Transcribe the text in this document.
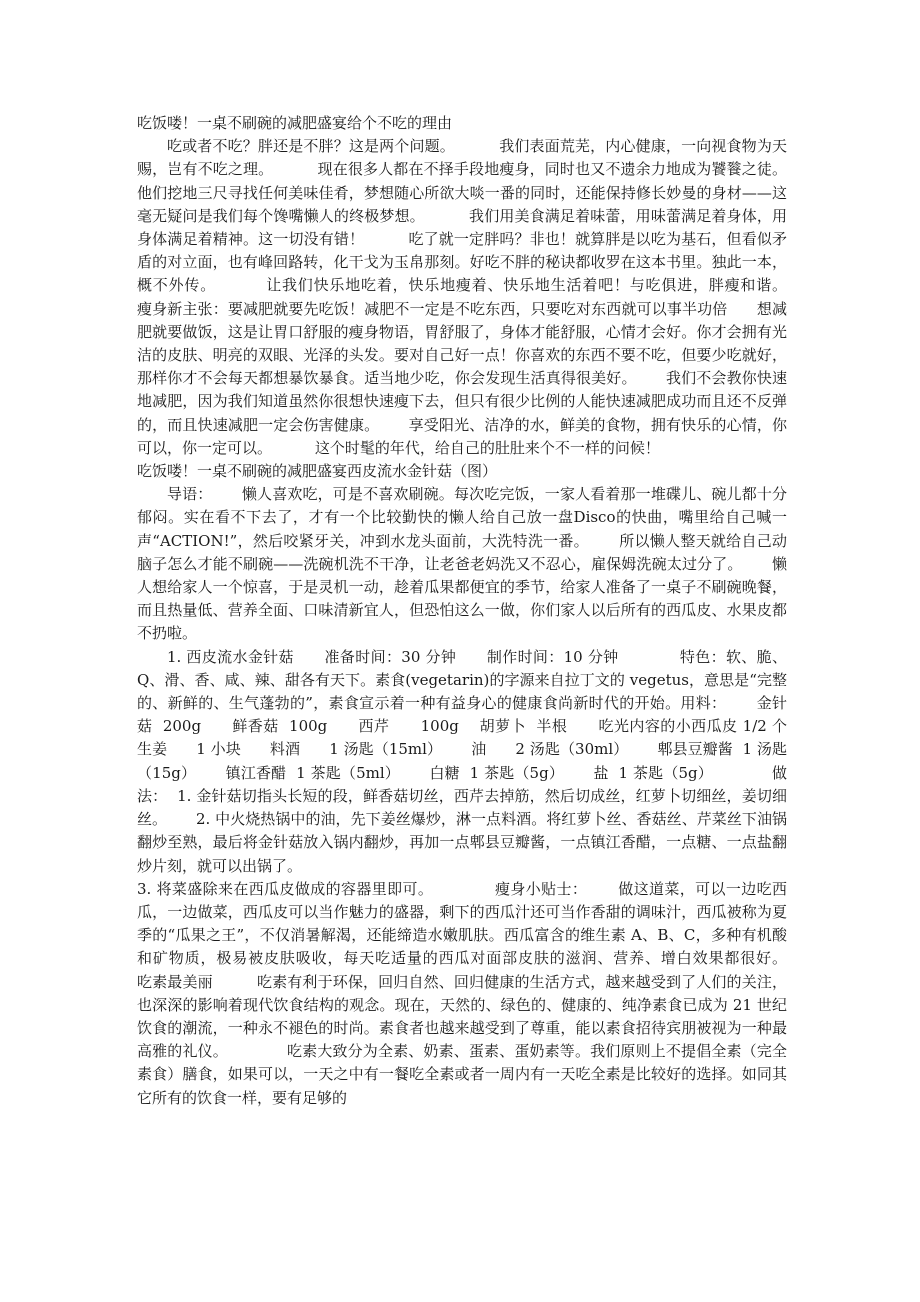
吃饭喽！一桌不刷碗的减肥盛宴给个不吃的理由

吃或者不吃？胖还是不胖？这是两个问题。         我们表面荒芜，内心健康，一向视食物为天赐，岂有不吃之理。         现在很多人都在不择手段地瘦身，同时也又不遗余力地成为饕餮之徒。他们挖地三尺寻找任何美味佳肴，梦想随心所欲大啖一番的同时，还能保持修长妙曼的身材——这毫无疑问是我们每个馋嘴懒人的终极梦想。         我们用美食满足着味蕾，用味蕾满足着身体，用身体满足着精神。这一切没有错！         吃了就一定胖吗？非也！就算胖是以吃为基石，但看似矛盾的对立面，也有峰回路转，化干戈为玉帛那刻。好吃不胖的秘诀都收罗在这本书里。独此一本，概不外传。         让我们快乐地吃着，快乐地瘦着、快乐地生活着吧！与吃俱进，胖瘦和谐。      瘦身新主张：要减肥就要先吃饭！减肥不一定是不吃东西，只要吃对东西就可以事半功倍      想减肥就要做饭，这是让胃口舒服的瘦身物语，胃舒服了，身体才能舒服，心情才会好。你才会拥有光洁的皮肤、明亮的双眼、光泽的头发。要对自己好一点！你喜欢的东西不要不吃，但要少吃就好，那样你才不会每天都想暴饮暴食。适当地少吃，你会发现生活真得很美好。      我们不会教你快速地减肥，因为我们知道虽然你很想快速瘦下去，但只有很少比例的人能快速减肥成功而且还不反弹的，而且快速减肥一定会伤害健康。      享受阳光、洁净的水，鲜美的食物，拥有快乐的心情，你可以，你一定可以。         这个时髦的年代，给自己的肚肚来个不一样的问候！

吃饭喽！一桌不刷碗的减肥盛宴西皮流水金针菇（图）

导语：      懒人喜欢吃，可是不喜欢刷碗。每次吃完饭，一家人看着那一堆碟儿、碗儿都十分郁闷。实在看不下去了，才有一个比较勤快的懒人给自己放一盘Disco的快曲，嘴里给自己喊一声“ACTION!”，然后咬紧牙关，冲到水龙头面前，大洗特洗一番。      所以懒人整天就给自己动脑子怎么才能不刷碗——洗碗机洗不干净，让老爸老妈洗又不忍心，雇保姆洗碗太过分了。      懒人想给家人一个惊喜，于是灵机一动，趁着瓜果都便宜的季节，给家人准备了一桌子不刷碗晚餐，而且热量低、营养全面、口味清新宜人，但恐怕这么一做，你们家人以后所有的西瓜皮、水果皮都不扔啦。

1. 西皮流水金针菇      准备时间：30 分钟      制作时间：10 分钟            特色：软、脆、Q、滑、香、咸、辣、甜各有天下。素食(vegetarin)的字源来自拉丁文的 vegetus，意思是“完整的、新鲜的、生气蓬勃的”，素食宣示着一种有益身心的健康食尚新时代的开始。用料：      金针菇  200g      鲜香菇  100g      西芹      100g    胡萝卜  半根      吃光内容的小西瓜皮 1/2 个      生姜      1 小块      料酒      1 汤匙（15ml）      油      2 汤匙（30ml）      郫县豆瓣酱  1 汤匙（15g）      镇江香醋  1 茶匙（5ml）      白糖  1 茶匙（5g）      盐  1 茶匙（5g）            做法：  1. 金针菇切指头长短的段，鲜香菇切丝，西芹去掉筋，然后切成丝，红萝卜切细丝，姜切细丝。      2. 中火烧热锅中的油，先下姜丝爆炒，淋一点料酒。将红萝卜丝、香菇丝、芹菜丝下油锅翻炒至熟，最后将金针菇放入锅内翻炒，再加一点郫县豆瓣酱，一点镇江香醋，一点糖、一点盐翻炒片刻，就可以出锅了。

3. 将菜盛除来在西瓜皮做成的容器里即可。            瘦身小贴士：      做这道菜，可以一边吃西瓜，一边做菜，西瓜皮可以当作魅力的盛器，剩下的西瓜汁还可当作香甜的调味汁，西瓜被称为夏季的“瓜果之王”，不仅消暑解渴，还能缔造水嫩肌肤。西瓜富含的维生素 A、B、C，多种有机酸和矿物质，极易被皮肤吸收，每天吃适量的西瓜对面部皮肤的滋润、营养、增白效果都很好。         吃素最美丽         吃素有利于环保，回归自然、回归健康的生活方式，越来越受到了人们的关注，也深深的影响着现代饮食结构的观念。现在，天然的、绿色的、健康的、纯净素食已成为 21 世纪饮食的潮流，一种永不褪色的时尚。素食者也越来越受到了尊重，能以素食招待宾朋被视为一种最高雅的礼仪。            吃素大致分为全素、奶素、蛋素、蛋奶素等。我们原则上不提倡全素（完全素食）膳食，如果可以，一天之中有一餐吃全素或者一周内有一天吃全素是比较好的选择。如同其它所有的饮食一样，要有足够的
